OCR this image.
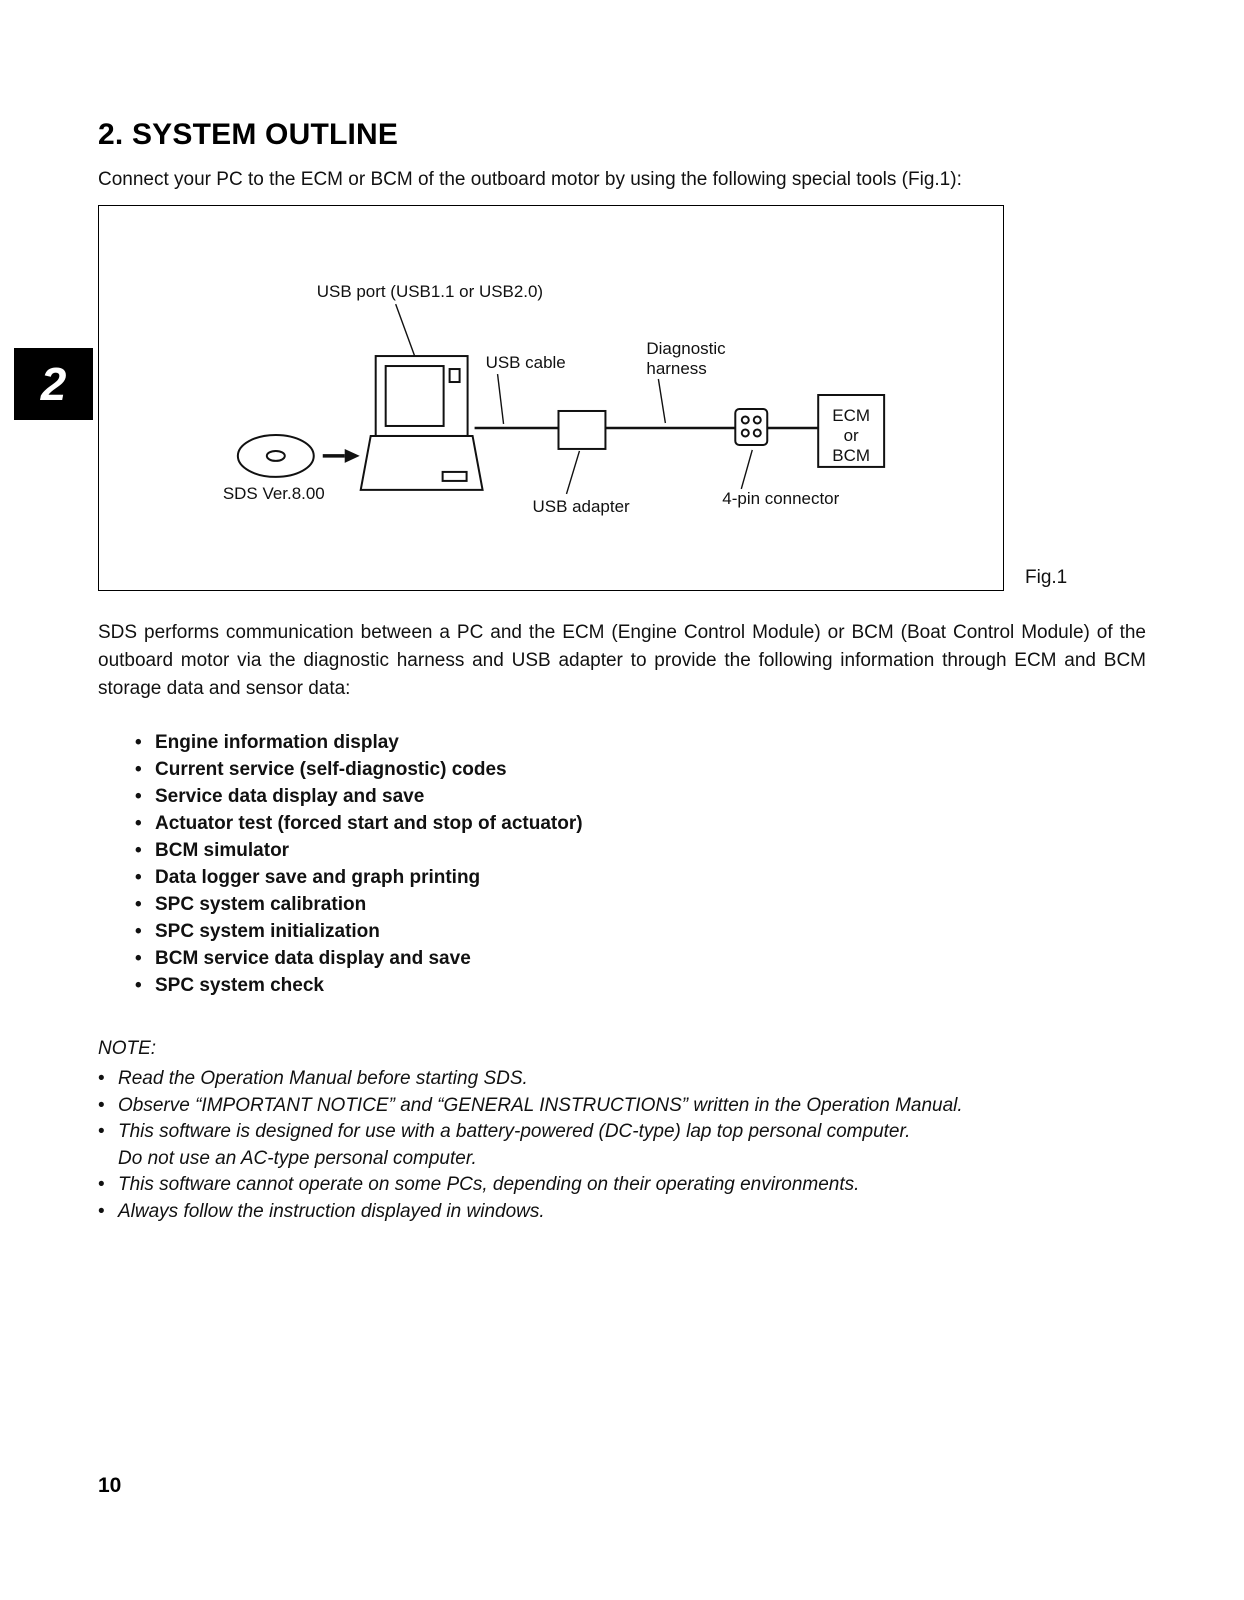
2
2. SYSTEM OUTLINE

Connect your PC to the ECM or BCM of the outboard motor by using the following special tools (Fig.1):

ECM
or
BCM
USB port (USB1.1 or USB2.0)
USB cable
Diagnostic
harness
SDS Ver.8.00
USB adapter	4-pin connector
Fig.1

SDS performs communication between a PC and the ECM (Engine Control Module) or BCM (Boat Control Module) of the outboard motor via the diagnostic harness and USB adapter to provide the following information through ECM and BCM storage data and sensor data:

• Engine information display
• Current service (self-diagnostic) codes
• Service data display and save
• Actuator test (forced start and stop of actuator)
• BCM simulator
• Data logger save and graph printing
• SPC system calibration
• SPC system initialization
• BCM service data display and save
• SPC system check
NOTE:
• Read the Operation Manual before starting SDS.
• Observe “IMPORTANT NOTICE” and “GENERAL INSTRUCTIONS” written in the Operation Manual.
• This software is designed for use with a battery-powered (DC-type) lap top personal computer.
Do not use an AC-type personal computer.
• This software cannot operate on some PCs, depending on their operating environments.
• Always follow the instruction displayed in windows.
10
